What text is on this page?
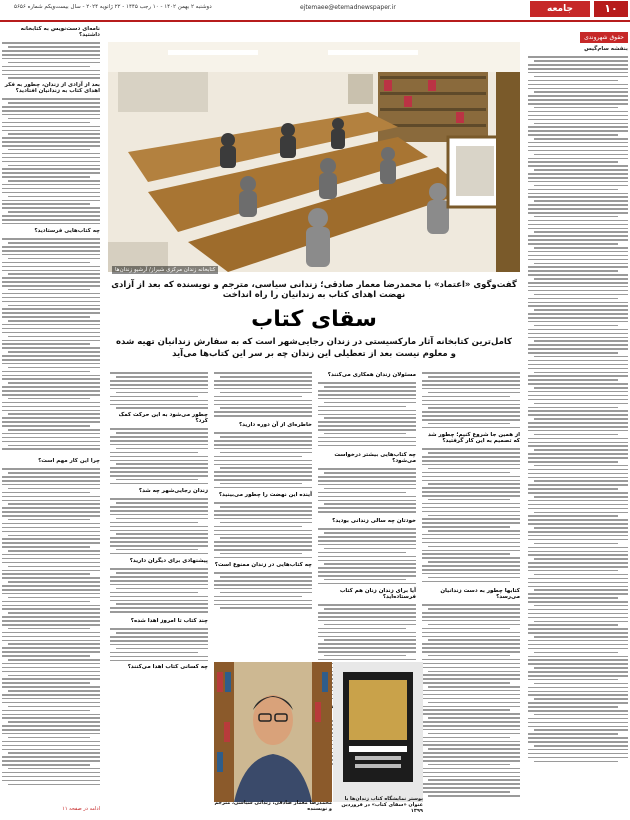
۱۰
جامعه
ejtemaee@etemadnewspaper.ir
دوشنبه ۲ بهمن ۱۴۰۲ - ۱۰ رجب ۱۴۴۵ - ۲۲ ژانویه ۲۰۲۴ - سال بیست‌ویکم شماره ۵۶۵۶
حقوق شهروندی
بنفشه سام‌گیس
نامه‌ای دست‌نویس به کتابخانه داشتید؟
بعد از آزادی از زندان، چطور به فکر اهدای کتاب به زندانیان افتادید؟
چه کتاب‌هایی فرستادید؟
چرا این کار مهم است؟
ادامه در صفحه ۱۱
کتابخانه زندان مرکزی شیراز/ آرشیو زندان‌ها
گفت‌وگوی «اعتماد» با محمدرضا معمار صادقی؛ زندانی سیاسی، مترجم و نویسنده که بعد از آزادی نهضت اهدای کتاب به زندانیان را راه انداخت
سقای کتاب
کامل‌ترین کتابخانه آثار مارکسیستی در زندان رجایی‌شهر است که به سفارش زندانیان تهیه شده
و معلوم نیست بعد از تعطیلی این زندان چه بر سر این کتاب‌ها می‌آید
از همین جا شروع کنیم؛ چطور شد که تصمیم به این کار گرفتید؟
کتابها چطور به دست زندانیان می‌رسد؟
مسئولان زندان همکاری می‌کنند؟
چه کتاب‌هایی بیشتر درخواست می‌شود؟
خودتان چه سالی زندانی بودید؟
آیا برای زندان زنان هم کتاب فرستاده‌اید؟
خاطره‌ای از آن دوره دارید؟
آینده این نهضت را چطور می‌بینید؟
چه کتاب‌هایی در زندان ممنوع است؟
چطور می‌شود به این حرکت کمک کرد؟
زندان رجایی‌شهر چه شد؟
پیشنهادی برای دیگران دارید؟
چند کتاب تا امروز اهدا شده؟
چه کسانی کتاب اهدا می‌کنند؟
محمدرضا معمار صادقی، زندانی سیاسی، مترجم و نویسنده
پوستر نمایشگاه کتاب زندان‌ها با عنوان «سقای کتاب» در فروردین ۱۳۹۹
